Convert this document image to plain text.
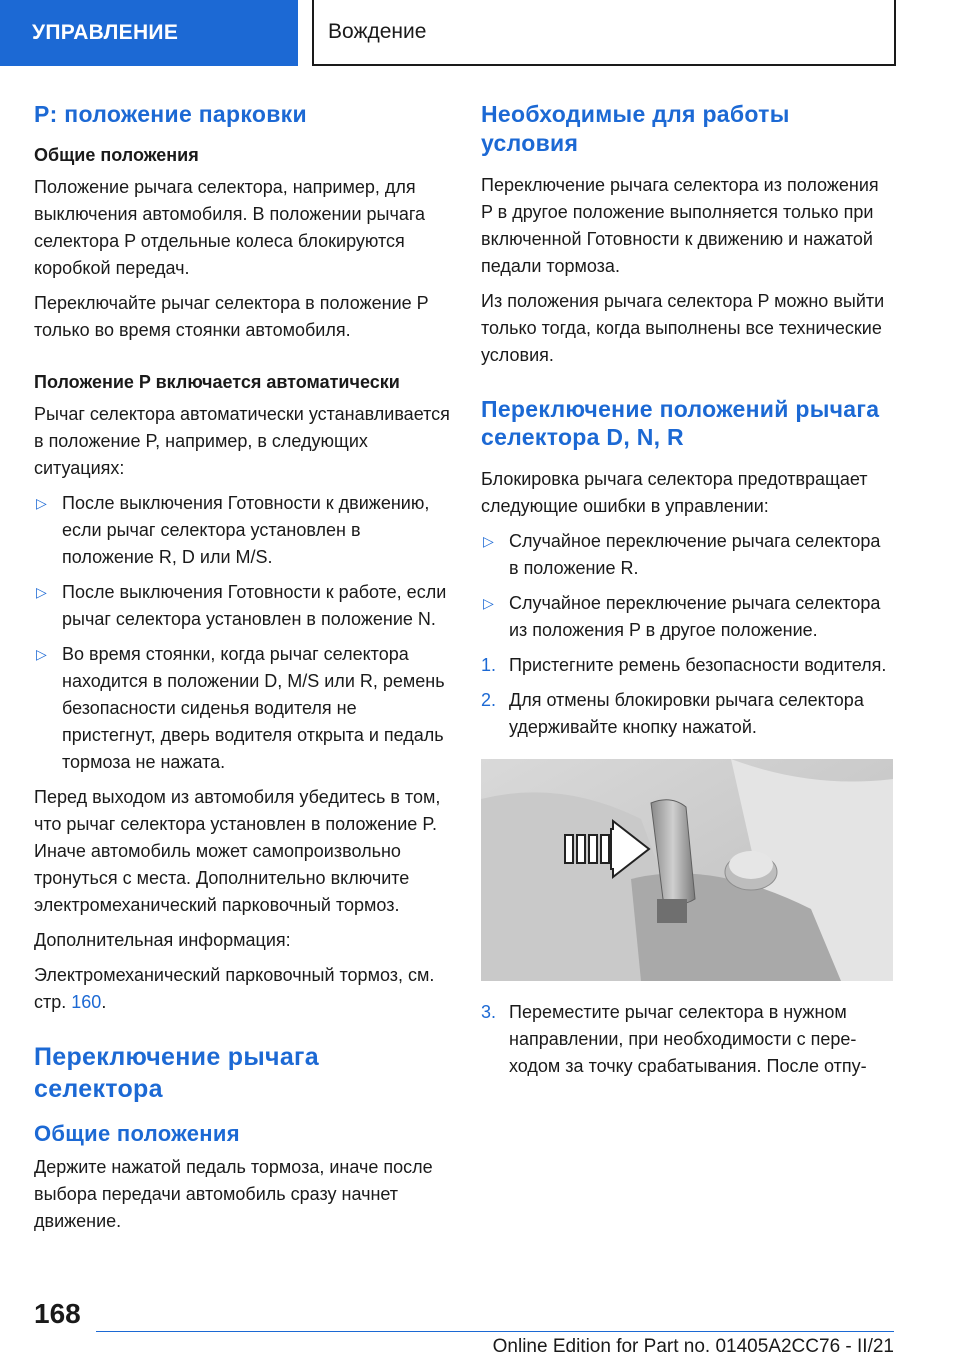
УПРАВЛЕНИЕ	Вождение
P: положение парковки
Общие положения

Положение рычага селектора, например, для выключения автомобиля. В положении рычага селектора P отдельные колеса блокируются коробкой передач.

Переключайте рычаг селектора в положение P только во время стоянки автомобиля.

Положение P включается автоматически

Рычаг селектора автоматически устанавливается в положение P, например, в следующих ситуациях:

▷ После выключения Готовности к движению, если рычаг селектора установлен в положение R, D или M/S.
▷ После выключения Готовности к работе, если рычаг селектора установлен в положение N.
▷ Во время стоянки, когда рычаг селектора находится в положении D, M/S или R, ремень безопасности сиденья водителя не пристегнут, дверь водителя открыта и педаль тормоза не нажата.

Перед выходом из автомобиля убедитесь в том, что рычаг селектора установлен в положение P. Иначе автомобиль может самопроизвольно тронуться с места. Дополнительно включите электромеханический парковочный тормоз.

Дополнительная информация:

Электромеханический парковочный тормоз, см. стр. 160.

Переключение рычага селектора
Общие положения

Держите нажатой педаль тормоза, иначе после выбора передачи автомобиль сразу начнет движение.

Необходимые для работы условия

Переключение рычага селектора из положения P в другое положение выполняется только при включенной Готовности к движению и нажатой педали тормоза.

Из положения рычага селектора P можно выйти только тогда, когда выполнены все технические условия.

Переключение положений рычага селектора D, N, R

Блокировка рычага селектора предотвращает следующие ошибки в управлении:

▷ Случайное переключение рычага селектора в положение R.
▷ Случайное переключение рычага селектора из положения P в другое положение.
1. Пристегните ремень безопасности водителя.
2. Для отмены блокировки рычага селектора удерживайте кнопку нажатой.
3. Переместите рычаг селектора в нужном направлении, при необходимости с переходом за точку срабатывания. После отпу-
168
Online Edition for Part no. 01405A2CC76 - II/21
